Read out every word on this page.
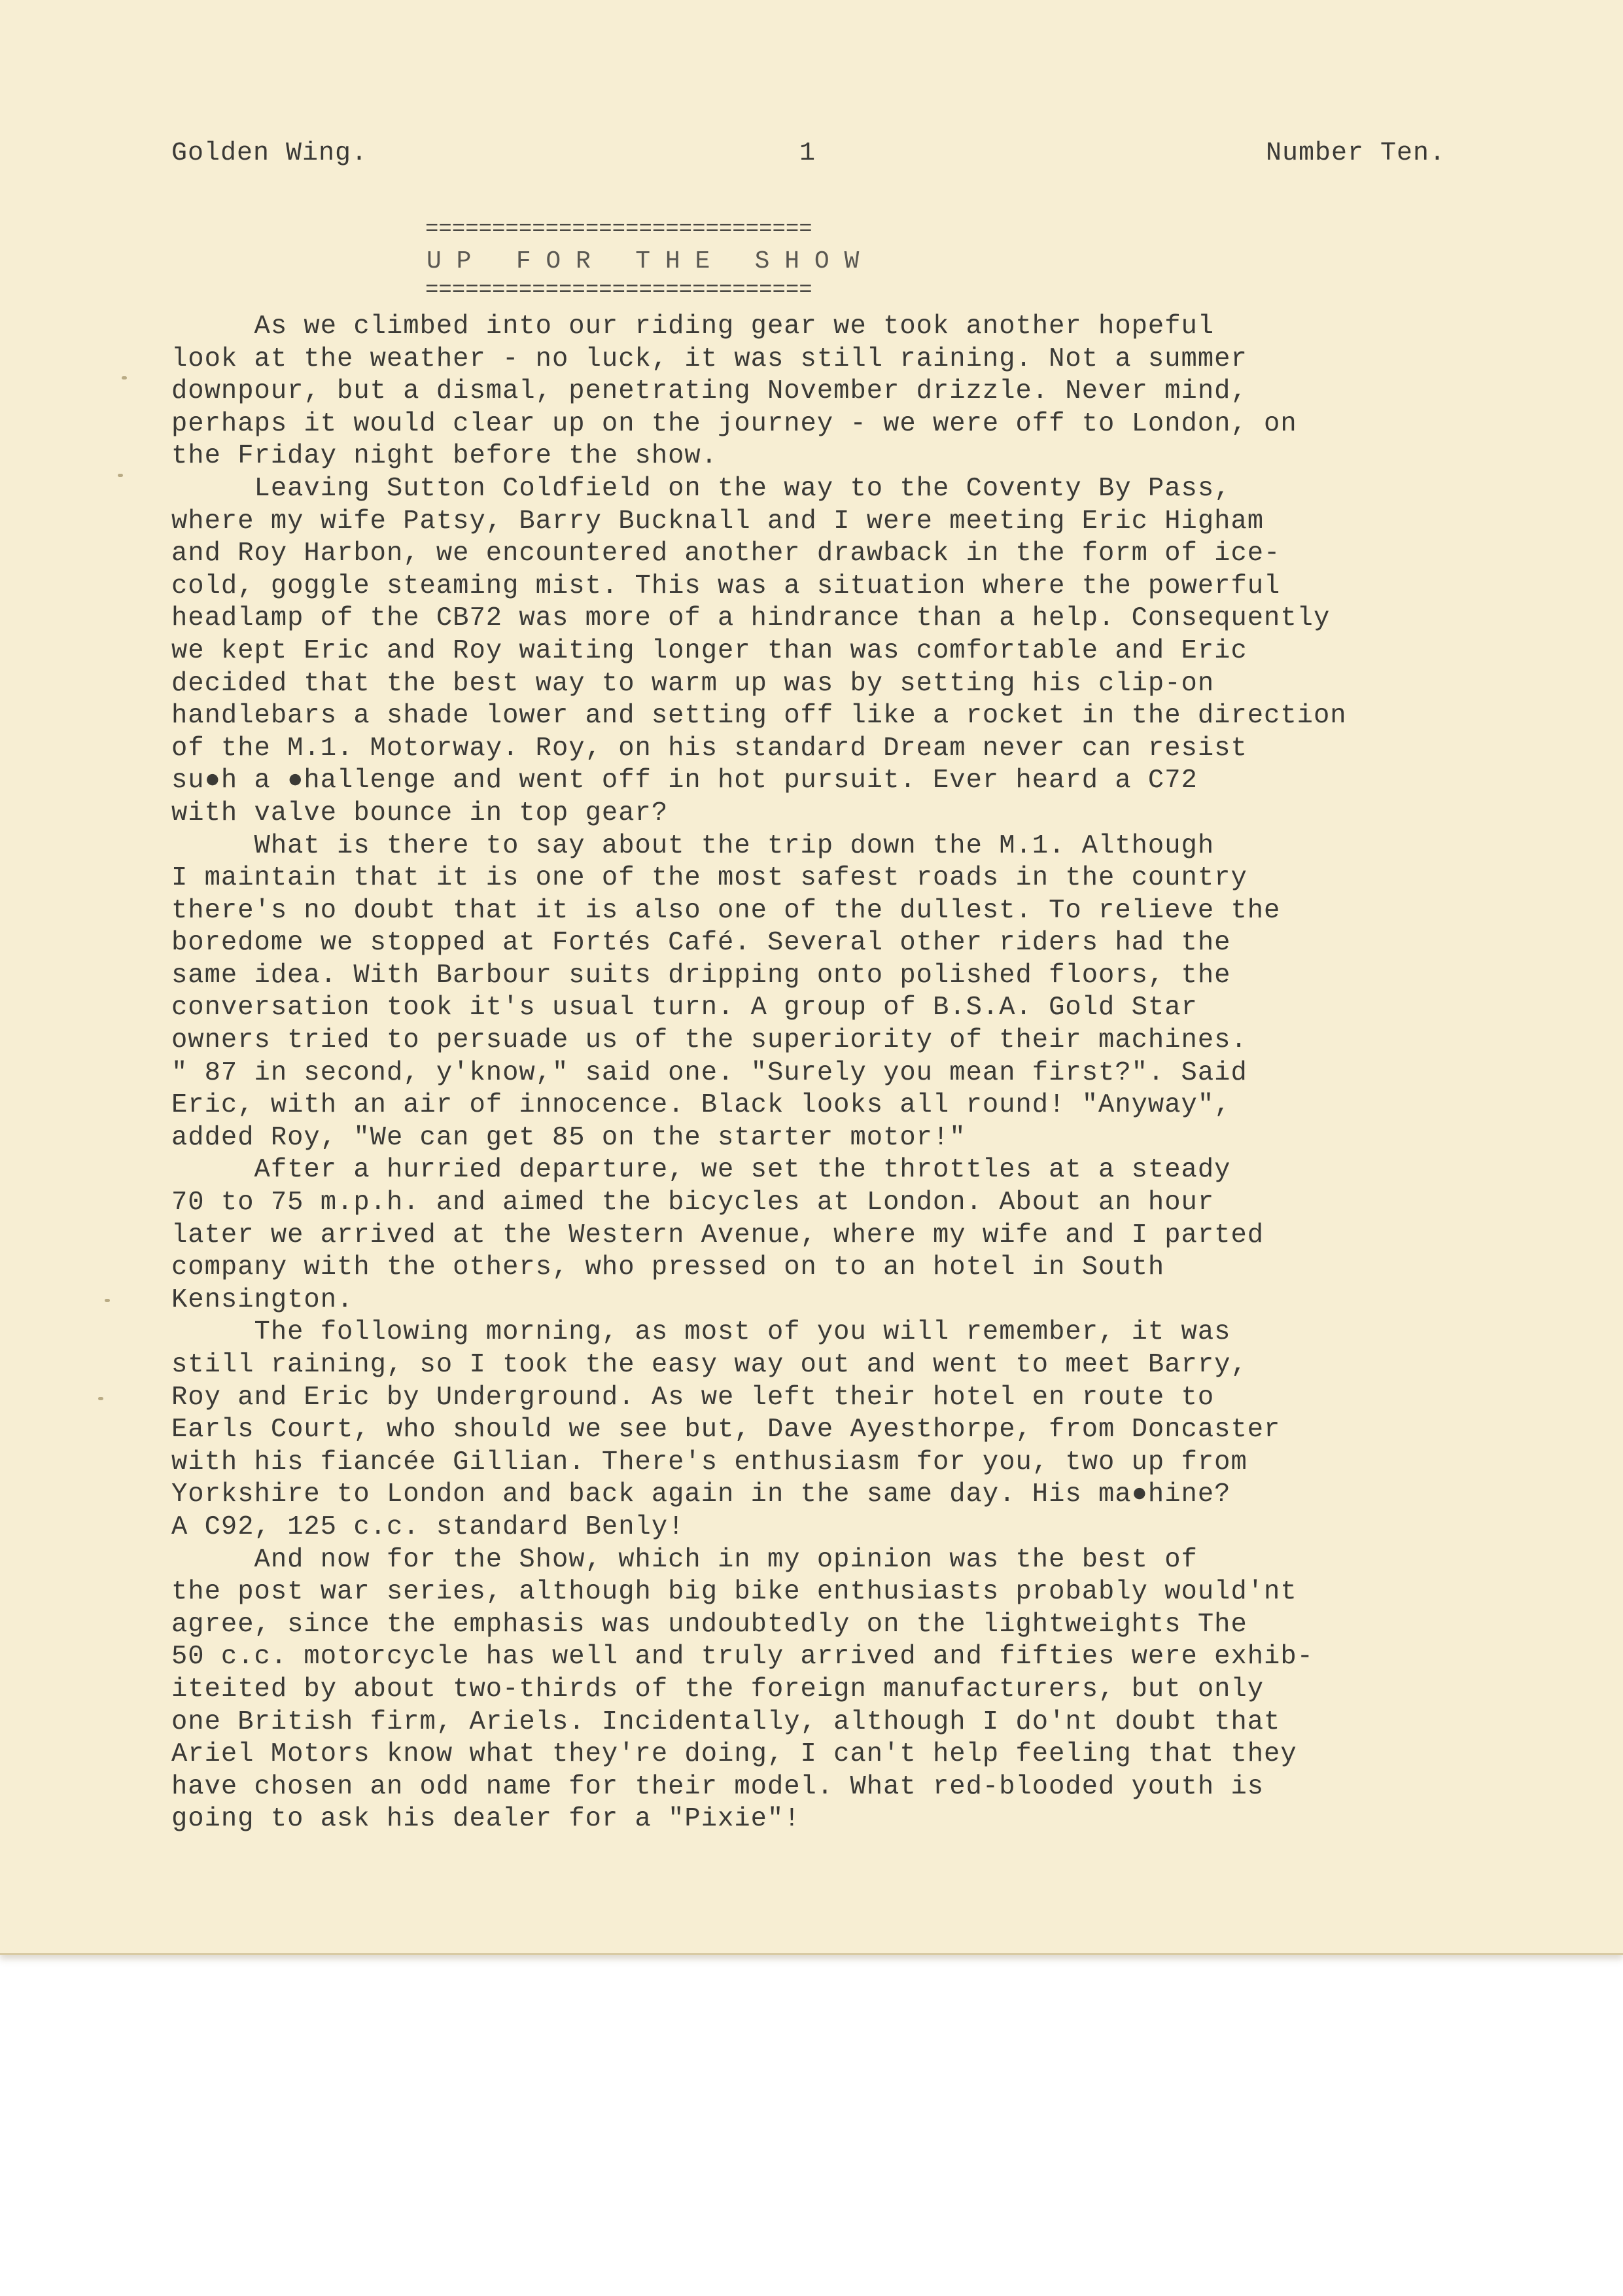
Golden Wing.	1	Number Ten.
=============================
U P   F O R   T H E   S H O W
=============================
As we climbed into our riding gear we took another hopeful
look at the weather - no luck, it was still raining. Not a summer
downpour, but a dismal, penetrating November drizzle. Never mind,
perhaps it would clear up on the journey - we were off to London, on
the Friday night before the show.
Leaving Sutton Coldfield on the way to the Coventy By Pass,
where my wife Patsy, Barry Bucknall and I were meeting Eric Higham
and Roy Harbon, we encountered another drawback in the form of ice-
cold, goggle steaming mist. This was a situation where the powerful
headlamp of the CB72 was more of a hindrance than a help. Consequently
we kept Eric and Roy waiting longer than was comfortable and Eric
decided that the best way to warm up was by setting his clip-on
handlebars a shade lower and setting off like a rocket in the direction
of the M.1. Motorway. Roy, on his standard Dream never can resist
su●h a ●hallenge and went off in hot pursuit. Ever heard a C72
with valve bounce in top gear?
What is there to say about the trip down the M.1. Although
I maintain that it is one of the most safest roads in the country
there's no doubt that it is also one of the dullest. To relieve the
boredome we stopped at Fortés Café. Several other riders had the
same idea. With Barbour suits dripping onto polished floors, the
conversation took it's usual turn. A group of B.S.A. Gold Star
owners tried to persuade us of the superiority of their machines.
" 87 in second, y'know," said one. "Surely you mean first?". Said
Eric, with an air of innocence. Black looks all round! "Anyway",
added Roy, "We can get 85 on the starter motor!"
After a hurried departure, we set the throttles at a steady
70 to 75 m.p.h. and aimed the bicycles at London. About an hour
later we arrived at the Western Avenue, where my wife and I parted
company with the others, who pressed on to an hotel in South
Kensington.
The following morning, as most of you will remember, it was
still raining, so I took the easy way out and went to meet Barry,
Roy and Eric by Underground. As we left their hotel en route to
Earls Court, who should we see but, Dave Ayesthorpe, from Doncaster
with his fiancée Gillian. There's enthusiasm for you, two up from
Yorkshire to London and back again in the same day. His ma●hine?
A C92, 125 c.c. standard Benly!
And now for the Show, which in my opinion was the best of
the post war series, although big bike enthusiasts probably would'nt
agree, since the emphasis was undoubtedly on the lightweights The
50 c.c. motorcycle has well and truly arrived and fifties were exhib-
iteited by about two-thirds of the foreign manufacturers, but only
one British firm, Ariels. Incidentally, although I do'nt doubt that
Ariel Motors know what they're doing, I can't help feeling that they
have chosen an odd name for their model. What red-blooded youth is
going to ask his dealer for a "Pixie"!
